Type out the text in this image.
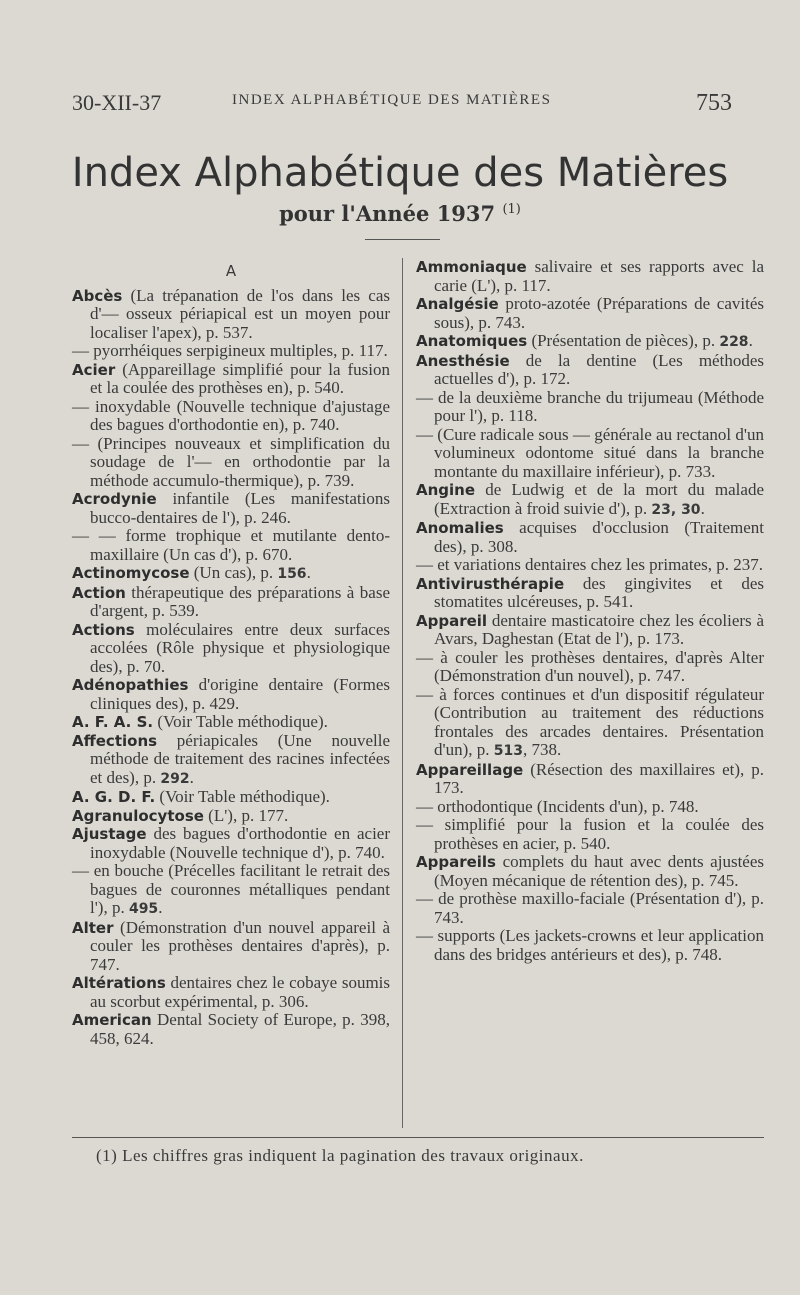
30-XII-37	INDEX ALPHABÉTIQUE DES MATIÈRES	753
Index Alphabétique des Matières
pour l'Année 1937 $^{(1)}$
A

Abcès (La trépanation de l'os dans les cas d'— osseux périapical est un moyen pour localiser l'apex), p. 537.

— pyorrhéiques serpigineux multiples, p. 117.

Acier (Appareillage simplifié pour la fusion et la coulée des prothèses en), p. 540.

— inoxydable (Nouvelle technique d'ajustage des bagues d'orthodontie en), p. 740.

— (Principes nouveaux et simplification du soudage de l'— en orthodontie par la méthode accumulo-thermique), p. 739.

Acrodynie infantile (Les manifestations bucco-dentaires de l'), p. 246.

— — forme trophique et mutilante dento-maxillaire (Un cas d'), p. 670.

Actinomycose (Un cas), p. 156.

Action thérapeutique des préparations à base d'argent, p. 539.

Actions moléculaires entre deux surfaces accolées (Rôle physique et physiologique des), p. 70.

Adénopathies d'origine dentaire (Formes cliniques des), p. 429.

A. F. A. S. (Voir Table méthodique).

Affections périapicales (Une nouvelle méthode de traitement des racines infectées et des), p. 292.

A. G. D. F. (Voir Table méthodique).

Agranulocytose (L'), p. 177.

Ajustage des bagues d'orthodontie en acier inoxydable (Nouvelle technique d'), p. 740.

— en bouche (Précelles facilitant le retrait des bagues de couronnes métalliques pendant l'), p. 495.

Alter (Démonstration d'un nouvel appareil à couler les prothèses dentaires d'après), p. 747.

Altérations dentaires chez le cobaye soumis au scorbut expérimental, p. 306.

American Dental Society of Europe, p. 398, 458, 624.

Ammoniaque salivaire et ses rapports avec la carie (L'), p. 117.

Analgésie proto-azotée (Préparations de cavités sous), p. 743.

Anatomiques (Présentation de pièces), p. 228.

Anesthésie de la dentine (Les méthodes actuelles d'), p. 172.

— de la deuxième branche du trijumeau (Méthode pour l'), p. 118.

— (Cure radicale sous — générale au rectanol d'un volumineux odontome situé dans la branche montante du maxillaire inférieur), p. 733.

Angine de Ludwig et de la mort du malade (Extraction à froid suivie d'), p. 23, 30.

Anomalies acquises d'occlusion (Traitement des), p. 308.

— et variations dentaires chez les primates, p. 237.

Antivirusthérapie des gingivites et des stomatites ulcéreuses, p. 541.

Appareil dentaire masticatoire chez les écoliers à Avars, Daghestan (Etat de l'), p. 173.

— à couler les prothèses dentaires, d'après Alter (Démonstration d'un nouvel), p. 747.

— à forces continues et d'un dispositif régulateur (Contribution au traitement des réductions frontales des arcades dentaires. Présentation d'un), p. 513, 738.

Appareillage (Résection des maxillaires et), p. 173.

— orthodontique (Incidents d'un), p. 748.

— simplifié pour la fusion et la coulée des prothèses en acier, p. 540.

Appareils complets du haut avec dents ajustées (Moyen mécanique de rétention des), p. 745.

— de prothèse maxillo-faciale (Présentation d'), p. 743.

— supports (Les jackets-crowns et leur application dans des bridges antérieurs et des), p. 748.

(1) Les chiffres gras indiquent la pagination des travaux originaux.
